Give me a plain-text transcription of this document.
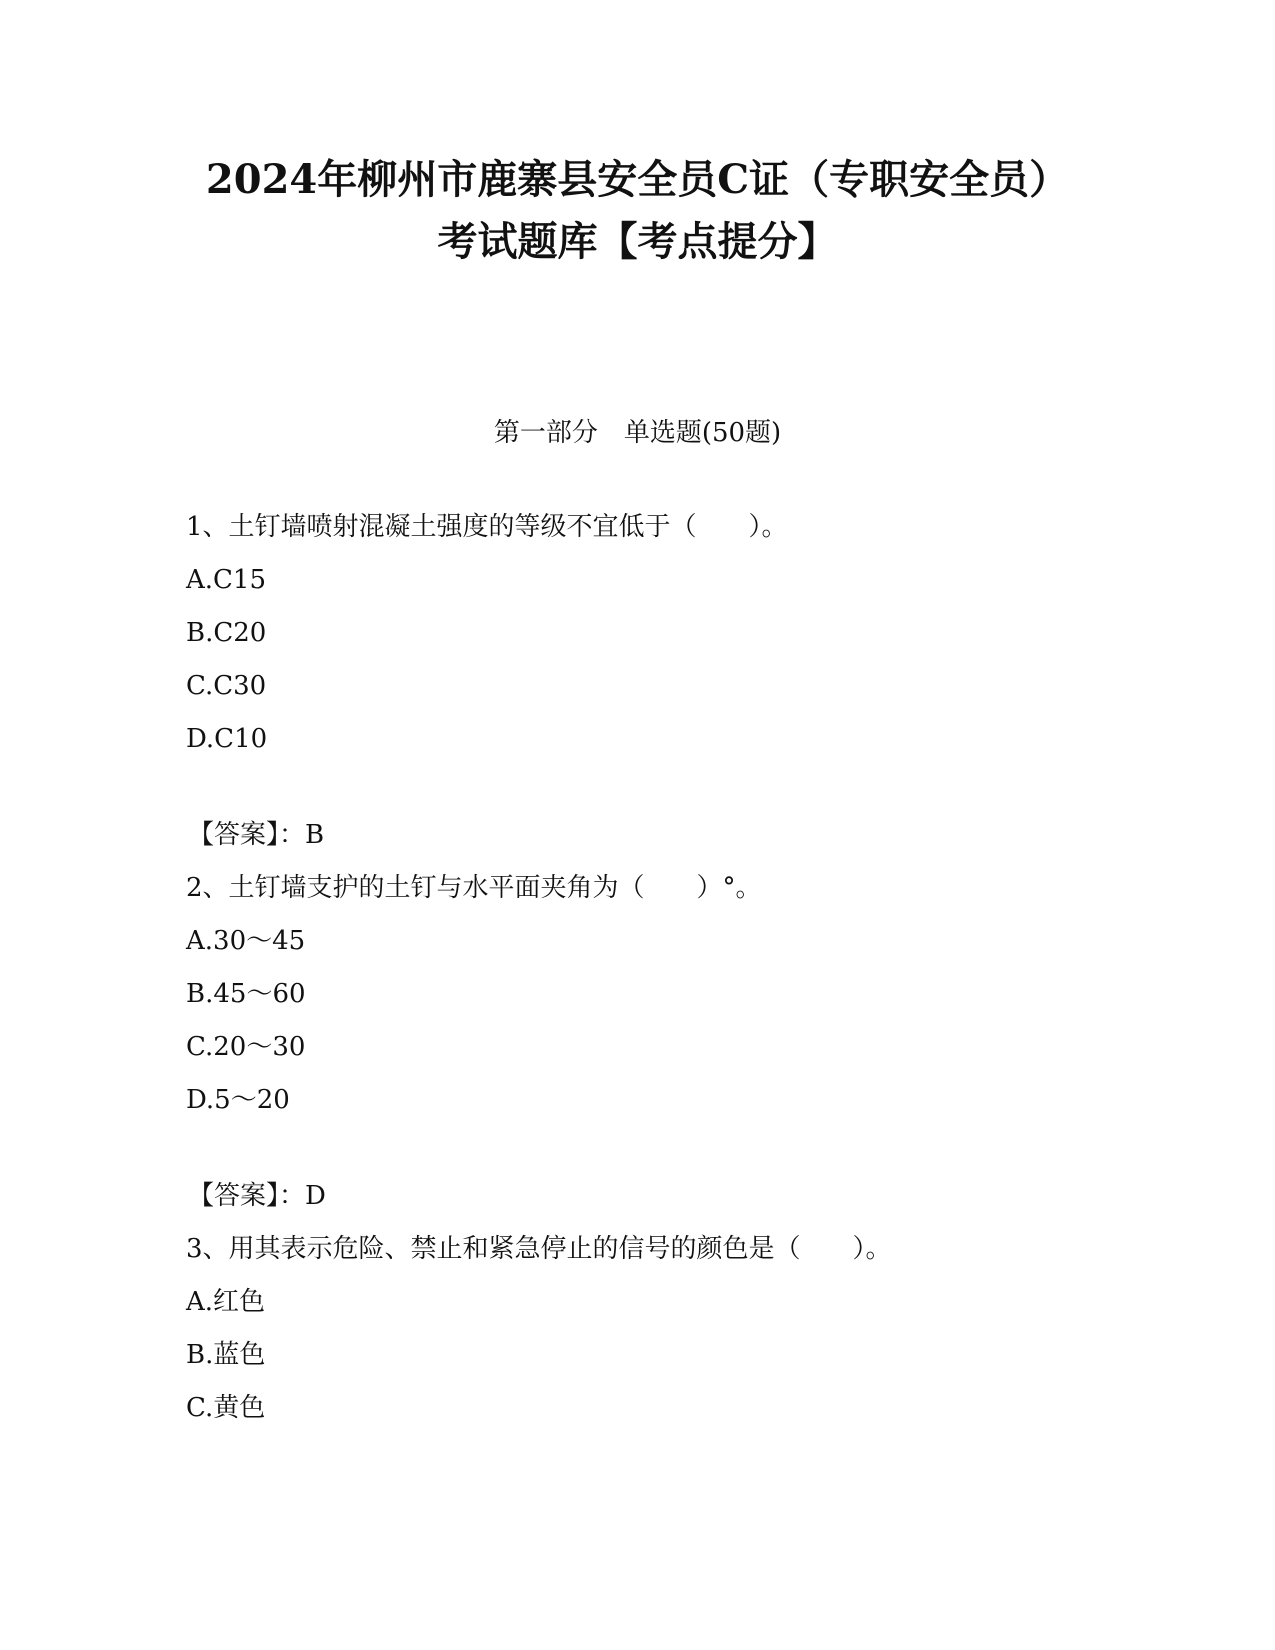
2024年柳州市鹿寨县安全员C证（专职安全员）
考试题库【考点提分】
第一部分　单选题(50题)
1、土钉墙喷射混凝土强度的等级不宜低于（　　）。
A.C15
B.C20
C.C30
D.C10
【答案】：B
2、土钉墙支护的土钉与水平面夹角为（　　）°。
A.30～45
B.45～60
C.20～30
D.5～20
【答案】：D
3、用其表示危险、禁止和紧急停止的信号的颜色是（　　）。
A.红色
B.蓝色
C.黄色
